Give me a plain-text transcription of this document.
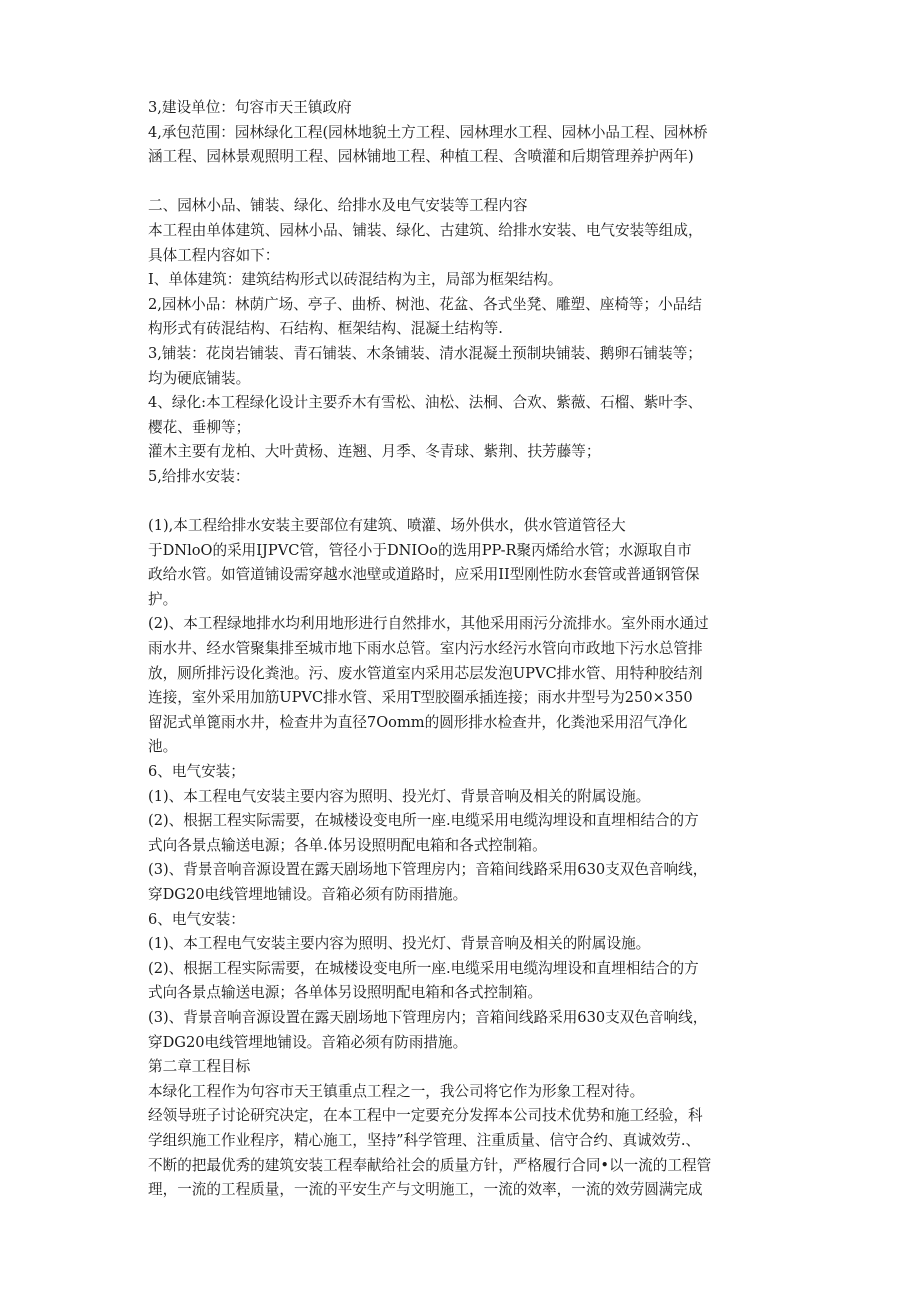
3,建设单位：句容市天王镇政府
4,承包范围：园林绿化工程(园林地貌土方工程、园林理水工程、园林小品工程、园林桥
涵工程、园林景观照明工程、园林铺地工程、种植工程、含喷灌和后期管理养护两年)
二、园林小品、铺装、绿化、给排水及电气安装等工程内容
本工程由单体建筑、园林小品、铺装、绿化、古建筑、给排水安装、电气安装等组成，
具体工程内容如下：
I、单体建筑：建筑结构形式以砖混结构为主，局部为框架结构。
2,园林小品：林荫广场、亭子、曲桥、树池、花盆、各式坐凳、雕塑、座椅等；小品结
构形式有砖混结构、石结构、框架结构、混凝土结构等.
3,铺装：花岗岩铺装、青石铺装、木条铺装、清水混凝土预制块铺装、鹅卵石铺装等；
均为硬底铺装。
4、绿化:本工程绿化设计主要乔木有雪松、油松、法桐、合欢、紫薇、石榴、紫叶李、
樱花、垂柳等；
灌木主要有龙柏、大叶黄杨、连翘、月季、冬青球、紫荆、扶芳藤等；
5,给排水安装：
(1),本工程给排水安装主要部位有建筑、喷灌、场外供水，供水管道管径大
于DNloO的采用IJPVC管，管径小于DNIOo的选用PP-R聚丙烯给水管；水源取自市
政给水管。如管道铺设需穿越水池壁或道路时，应采用II型刚性防水套管或普通钢管保
护。
(2)、本工程绿地排水均利用地形进行自然排水，其他采用雨污分流排水。室外雨水通过
雨水井、经水管聚集排至城市地下雨水总管。室内污水经污水管向市政地下污水总管排
放，厕所排污设化粪池。污、废水管道室内采用芯层发泡UPVC排水管、用特种胶结剂
连接，室外采用加筋UPVC排水管、采用T型胶圈承插连接；雨水井型号为250×350
留泥式单篦雨水井，检查井为直径7Oomm的圆形排水检查井，化粪池采用沼气净化
池。
6、电气安装；
(1)、本工程电气安装主要内容为照明、投光灯、背景音响及相关的附属设施。
(2)、根据工程实际需要，在城楼设变电所一座.电缆采用电缆沟埋设和直埋相结合的方
式向各景点输送电源；各单.体另设照明配电箱和各式控制箱。
(3)、背景音响音源设置在露天剧场地下管理房内；音箱间线路采用630支双色音响线，
穿DG20电线管埋地铺设。音箱必须有防雨措施。
6、电气安装：
(1)、本工程电气安装主要内容为照明、投光灯、背景音响及相关的附属设施。
(2)、根据工程实际需要，在城楼设变电所一座.电缆采用电缆沟埋设和直埋相结合的方
式向各景点输送电源；各单体另设照明配电箱和各式控制箱。
(3)、背景音响音源设置在露天剧场地下管理房内；音箱间线路采用630支双色音响线，
穿DG20电线管埋地铺设。音箱必须有防雨措施。
第二章工程目标
本绿化工程作为句容市天王镇重点工程之一，我公司将它作为形象工程对待。
经领导班子讨论研究决定，在本工程中一定要充分发挥本公司技术优势和施工经验，科
学组织施工作业程序，精心施工，坚持”科学管理、注重质量、信守合约、真诚效劳.、
不断的把最优秀的建筑安装工程奉献给社会的质量方针，严格履行合同•以一流的工程管
理，一流的工程质量，一流的平安生产与文明施工，一流的效率，一流的效劳圆满完成
